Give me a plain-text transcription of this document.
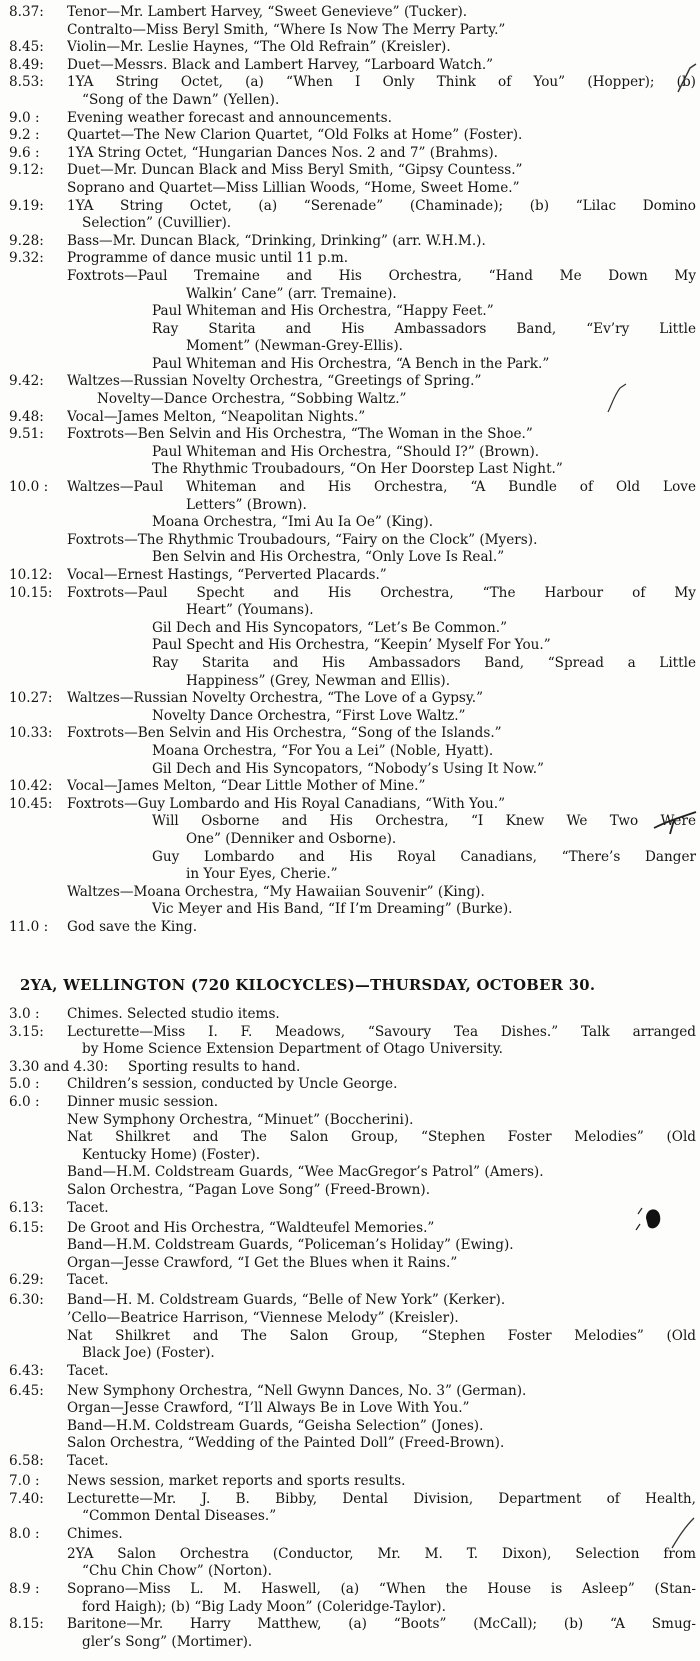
8.37:	Tenor—Mr. Lambert Harvey, “Sweet Genevieve” (Tucker).
Contralto—Miss Beryl Smith, “Where Is Now The Merry Party.”
8.45:	Violin—Mr. Leslie Haynes, “The Old Refrain” (Kreisler).
8.49:	Duet—Messrs. Black and Lambert Harvey, “Larboard Watch.”
8.53:	1YA String Octet, (a) “When I Only Think of You” (Hopper); (b)
“Song of the Dawn” (Yellen).
9.0 :	Evening weather forecast and announcements.
9.2 :	Quartet—The New Clarion Quartet, “Old Folks at Home” (Foster).
9.6 :	1YA String Octet, “Hungarian Dances Nos. 2 and 7” (Brahms).
9.12:	Duet—Mr. Duncan Black and Miss Beryl Smith, “Gipsy Countess.”
Soprano and Quartet—Miss Lillian Woods, “Home, Sweet Home.”
9.19:	1YA String Octet, (a) “Serenade” (Chaminade); (b) “Lilac Domino
Selection” (Cuvillier).
9.28:	Bass—Mr. Duncan Black, “Drinking, Drinking” (arr. W.H.M.).
9.32:	Programme of dance music until 11 p.m.
Foxtrots—Paul Tremaine and His Orchestra, “Hand Me Down My
Walkin’ Cane” (arr. Tremaine).
Paul Whiteman and His Orchestra, “Happy Feet.”
Ray Starita and His Ambassadors Band, “Ev’ry Little
Moment” (Newman-Grey-Ellis).
Paul Whiteman and His Orchestra, “A Bench in the Park.”
9.42:	Waltzes—Russian Novelty Orchestra, “Greetings of Spring.”
Novelty—Dance Orchestra, “Sobbing Waltz.”
9.48:	Vocal—James Melton, “Neapolitan Nights.”
9.51:	Foxtrots—Ben Selvin and His Orchestra, “The Woman in the Shoe.”
Paul Whiteman and His Orchestra, “Should I?” (Brown).
The Rhythmic Troubadours, “On Her Doorstep Last Night.”
10.0 :	Waltzes—Paul Whiteman and His Orchestra, “A Bundle of Old Love
Letters” (Brown).
Moana Orchestra, “Imi Au Ia Oe” (King).
Foxtrots—The Rhythmic Troubadours, “Fairy on the Clock” (Myers).
Ben Selvin and His Orchestra, “Only Love Is Real.”
10.12:	Vocal—Ernest Hastings, “Perverted Placards.”
10.15:	Foxtrots—Paul Specht and His Orchestra, “The Harbour of My
Heart” (Youmans).
Gil Dech and His Syncopators, “Let’s Be Common.”
Paul Specht and His Orchestra, “Keepin’ Myself For You.”
Ray Starita and His Ambassadors Band, “Spread a Little
Happiness” (Grey, Newman and Ellis).
10.27:	Waltzes—Russian Novelty Orchestra, “The Love of a Gypsy.”
Novelty Dance Orchestra, “First Love Waltz.”
10.33:	Foxtrots—Ben Selvin and His Orchestra, “Song of the Islands.”
Moana Orchestra, “For You a Lei” (Noble, Hyatt).
Gil Dech and His Syncopators, “Nobody’s Using It Now.”
10.42:	Vocal—James Melton, “Dear Little Mother of Mine.”
10.45:	Foxtrots—Guy Lombardo and His Royal Canadians, “With You.”
Will Osborne and His Orchestra, “I Knew We Two Were
One” (Denniker and Osborne).
Guy Lombardo and His Royal Canadians, “There’s Danger
in Your Eyes, Cherie.”
Waltzes—Moana Orchestra, “My Hawaiian Souvenir” (King).
Vic Meyer and His Band, “If I’m Dreaming” (Burke).
11.0 :	God save the King.
2YA, WELLINGTON (720 KILOCYCLES)—THURSDAY, OCTOBER 30.
3.0 :	Chimes. Selected studio items.
3.15:	Lecturette—Miss I. F. Meadows, “Savoury Tea Dishes.” Talk arranged
by Home Science Extension Department of Otago University.
3.30 and 4.30:	Sporting results to hand.
5.0 :	Children’s session, conducted by Uncle George.
6.0 :	Dinner music session.
New Symphony Orchestra, “Minuet” (Boccherini).
Nat Shilkret and The Salon Group, “Stephen Foster Melodies” (Old
Kentucky Home) (Foster).
Band—H.M. Coldstream Guards, “Wee MacGregor’s Patrol” (Amers).
Salon Orchestra, “Pagan Love Song” (Freed-Brown).
6.13:	Tacet.
6.15:	De Groot and His Orchestra, “Waldteufel Memories.”
Band—H.M. Coldstream Guards, “Policeman’s Holiday” (Ewing).
Organ—Jesse Crawford, “I Get the Blues when it Rains.”
6.29:	Tacet.
6.30:	Band—H. M. Coldstream Guards, “Belle of New York” (Kerker).
’Cello—Beatrice Harrison, “Viennese Melody” (Kreisler).
Nat Shilkret and The Salon Group, “Stephen Foster Melodies” (Old
Black Joe) (Foster).
6.43:	Tacet.
6.45:	New Symphony Orchestra, “Nell Gwynn Dances, No. 3” (German).
Organ—Jesse Crawford, “I’ll Always Be in Love With You.”
Band—H.M. Coldstream Guards, “Geisha Selection” (Jones).
Salon Orchestra, “Wedding of the Painted Doll” (Freed-Brown).
6.58:	Tacet.
7.0 :	News session, market reports and sports results.
7.40:	Lecturette—Mr. J. B. Bibby, Dental Division, Department of Health,
“Common Dental Diseases.”
8.0 :	Chimes.
2YA Salon Orchestra (Conductor, Mr. M. T. Dixon), Selection from
“Chu Chin Chow” (Norton).
8.9 :	Soprano—Miss L. M. Haswell, (a) “When the House is Asleep” (Stan-
ford Haigh); (b) “Big Lady Moon” (Coleridge-Taylor).
8.15:	Baritone—Mr. Harry Matthew, (a) “Boots” (McCall); (b) “A Smug-
gler’s Song” (Mortimer).
